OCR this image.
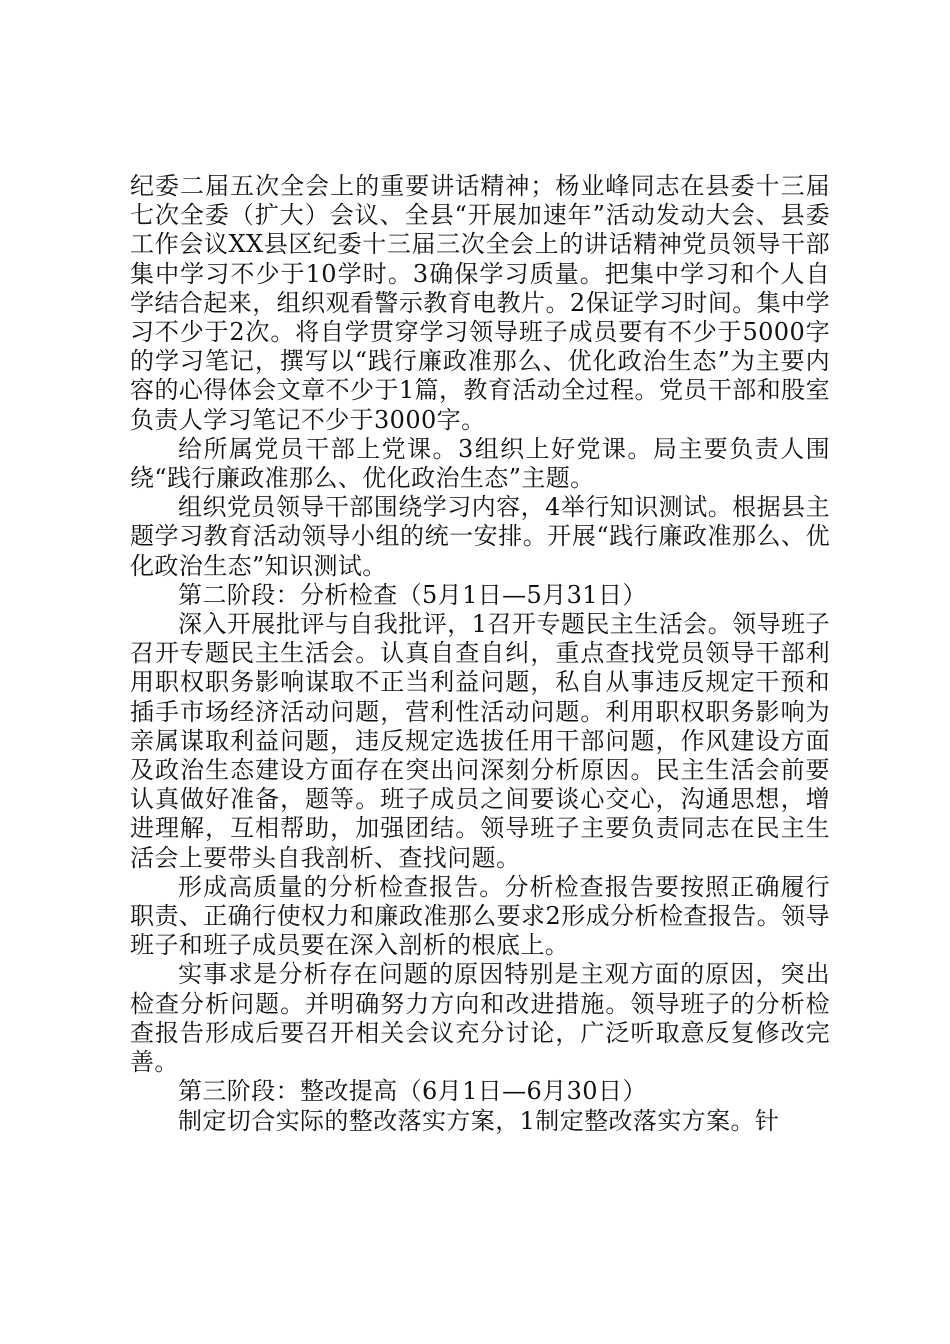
纪委二届五次全会上的重要讲话精神；杨业峰同志在县委十三届七次全委（扩大）会议、全县“开展加速年”活动发动大会、县委工作会议XX县区纪委十三届三次全会上的讲话精神党员领导干部集中学习不少于10学时。3确保学习质量。把集中学习和个人自学结合起来，组织观看警示教育电教片。2保证学习时间。集中学习不少于2次。将自学贯穿学习领导班子成员要有不少于5000字的学习笔记，撰写以“践行廉政准那么、优化政治生态”为主要内容的心得体会文章不少于1篇，教育活动全过程。党员干部和股室负责人学习笔记不少于3000字。

给所属党员干部上党课。3组织上好党课。局主要负责人围绕“践行廉政准那么、优化政治生态”主题。

组织党员领导干部围绕学习内容，4举行知识测试。根据县主题学习教育活动领导小组的统一安排。开展“践行廉政准那么、优化政治生态”知识测试。

第二阶段：分析检查（5月1日—5月31日）

深入开展批评与自我批评，1召开专题民主生活会。领导班子召开专题民主生活会。认真自查自纠，重点查找党员领导干部利用职权职务影响谋取不正当利益问题，私自从事违反规定干预和插手市场经济活动问题，营利性活动问题。利用职权职务影响为亲属谋取利益问题，违反规定选拔任用干部问题，作风建设方面及政治生态建设方面存在突出问深刻分析原因。民主生活会前要认真做好准备，题等。班子成员之间要谈心交心，沟通思想，增进理解，互相帮助，加强团结。领导班子主要负责同志在民主生活会上要带头自我剖析、查找问题。

形成高质量的分析检查报告。分析检查报告要按照正确履行职责、正确行使权力和廉政准那么要求2形成分析检查报告。领导班子和班子成员要在深入剖析的根底上。

实事求是分析存在问题的原因特别是主观方面的原因，突出检查分析问题。并明确努力方向和改进措施。领导班子的分析检查报告形成后要召开相关会议充分讨论，广泛听取意反复修改完善。

第三阶段：整改提高（6月1日—6月30日）

制定切合实际的整改落实方案，1制定整改落实方案。针
